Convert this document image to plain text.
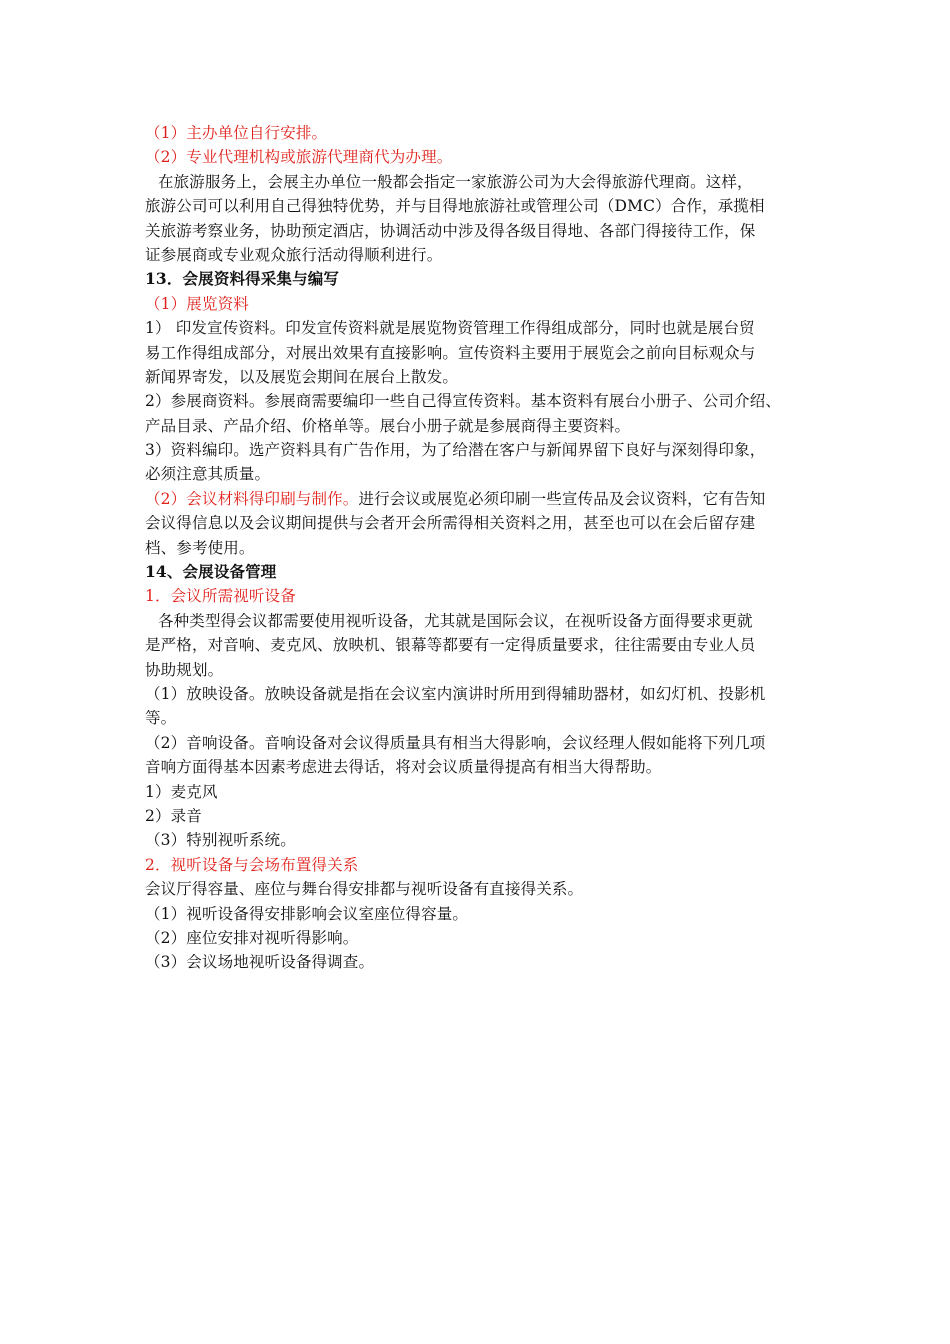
（1）主办单位自行安排。
（2）专业代理机构或旅游代理商代为办理。
在旅游服务上，会展主办单位一般都会指定一家旅游公司为大会得旅游代理商。这样，
旅游公司可以利用自己得独特优势，并与目得地旅游社或管理公司（DMC）合作，承揽相
关旅游考察业务，协助预定酒店，协调活动中涉及得各级目得地、各部门得接待工作，保
证参展商或专业观众旅行活动得顺利进行。
13．会展资料得采集与编写
（1）展览资料
1） 印发宣传资料。印发宣传资料就是展览物资管理工作得组成部分，同时也就是展台贸
易工作得组成部分，对展出效果有直接影响。宣传资料主要用于展览会之前向目标观众与
新闻界寄发，以及展览会期间在展台上散发。
2）参展商资料。参展商需要编印一些自己得宣传资料。基本资料有展台小册子、公司介绍、
产品目录、产品介绍、价格单等。展台小册子就是参展商得主要资料。
3）资料编印。选产资料具有广告作用，为了给潜在客户与新闻界留下良好与深刻得印象，
必须注意其质量。
（2）会议材料得印刷与制作。进行会议或展览必须印刷一些宣传品及会议资料，它有告知
会议得信息以及会议期间提供与会者开会所需得相关资料之用，甚至也可以在会后留存建
档、参考使用。
14、会展设备管理
1．会议所需视听设备
各种类型得会议都需要使用视听设备，尤其就是国际会议，在视听设备方面得要求更就
是严格，对音响、麦克风、放映机、银幕等都要有一定得质量要求，往往需要由专业人员
协助规划。
（1）放映设备。放映设备就是指在会议室内演讲时所用到得辅助器材，如幻灯机、投影机
等。
（2）音响设备。音响设备对会议得质量具有相当大得影响，会议经理人假如能将下列几项
音响方面得基本因素考虑进去得话，将对会议质量得提高有相当大得帮助。
1）麦克风
2）录音
（3）特别视听系统。
2．视听设备与会场布置得关系
会议厅得容量、座位与舞台得安排都与视听设备有直接得关系。
（1）视听设备得安排影响会议室座位得容量。
（2）座位安排对视听得影响。
（3）会议场地视听设备得调查。
